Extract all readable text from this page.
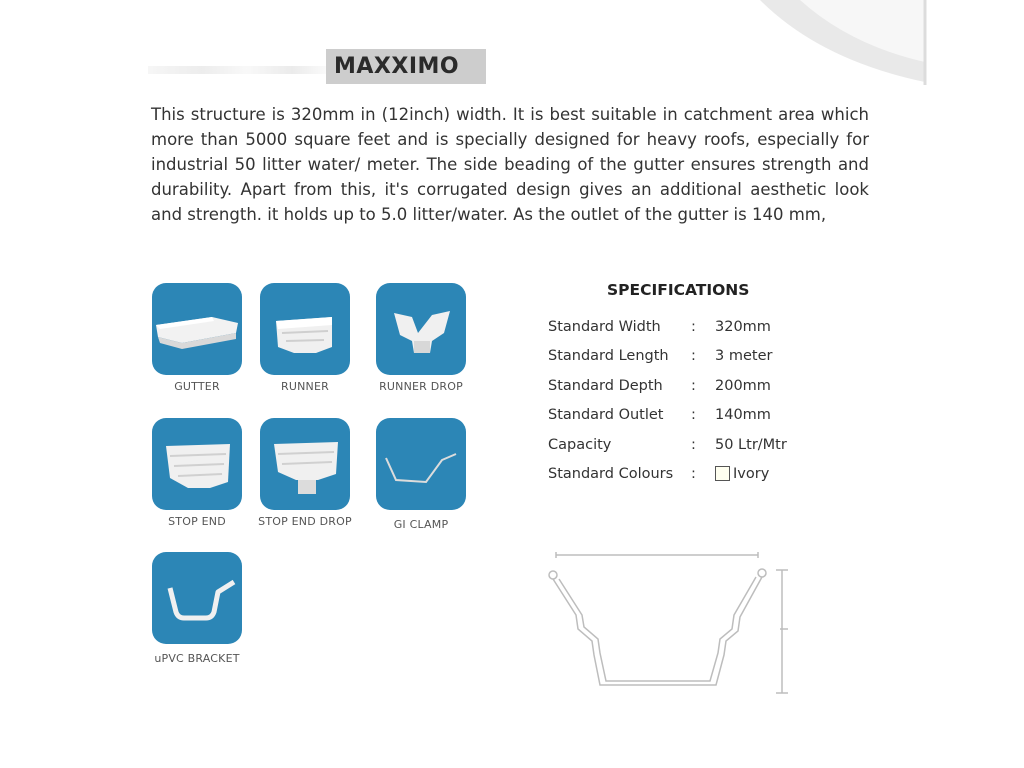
MAXXIMO

This structure is 320mm in (12inch) width. It is best suitable in catchment area which more than 5000 square feet and is specially designed for heavy roofs, especially for industrial 50 litter water/ meter. The side beading of the gutter ensures strength and durability. Apart from this, it's corrugated design gives an additional aesthetic look and strength. it holds up to 5.0 litter/water. As the outlet of the gutter is 140 mm,

GUTTER	RUNNER	RUNNER DROP
STOP END	STOP END DROP	GI CLAMP
uPVC BRACKET
SPECIFICATIONS
Standard Width : 320mm
Standard Length : 3 meter
Standard Depth : 200mm
Standard Outlet : 140mm
Capacity	: 50 Ltr/Mtr
Standard Colours :	Ivory
